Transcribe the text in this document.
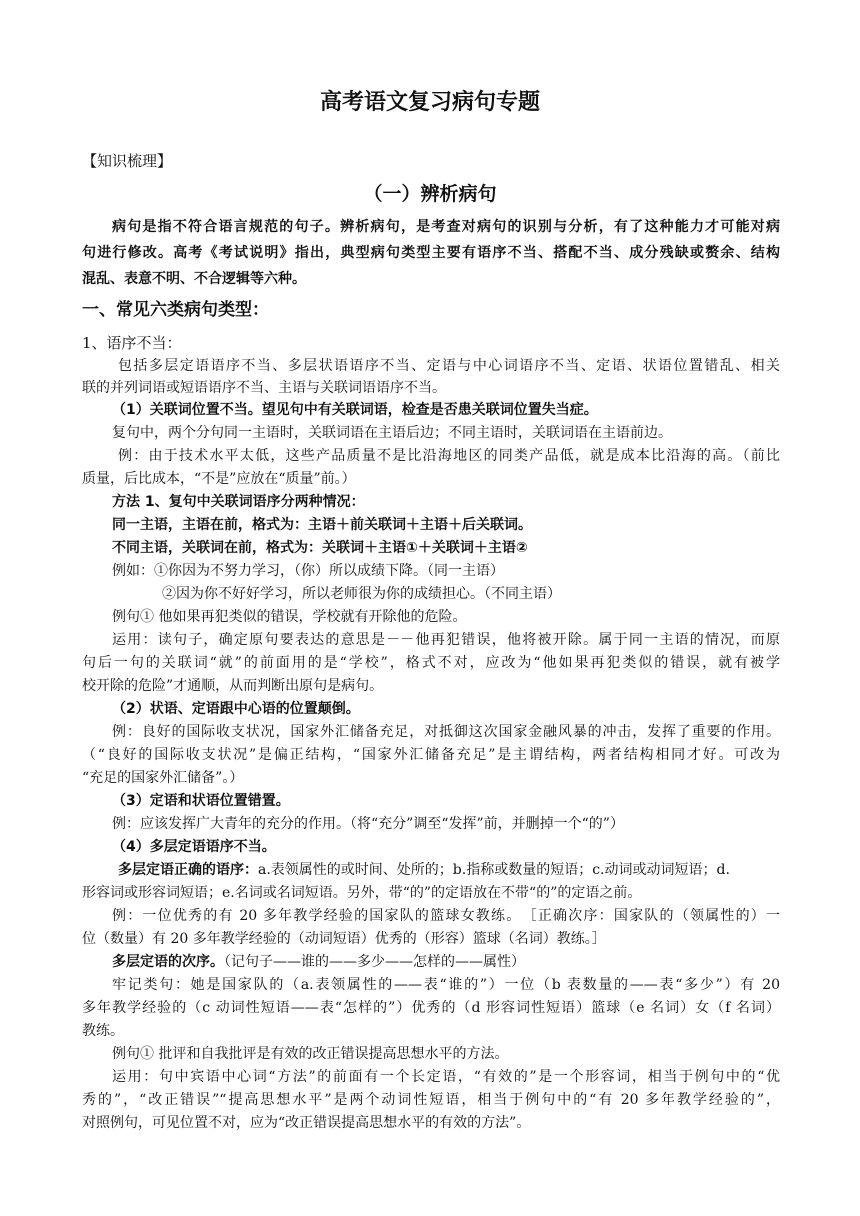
高考语文复习病句专题
【知识梳理】
（一）辨析病句
病句是指不符合语言规范的句子。辨析病句，是考查对病句的识别与分析，有了这种能力才可能对病
句进行修改。高考《考试说明》指出，典型病句类型主要有语序不当、搭配不当、成分残缺或赘余、结构
混乱、表意不明、不合逻辑等六种。
一、常见六类病句类型：
1、语序不当：
包括多层定语语序不当、多层状语语序不当、定语与中心词语序不当、定语、状语位置错乱、相关
联的并列词语或短语语序不当、主语与关联词语语序不当。
（1）关联词位置不当。望见句中有关联词语，检查是否患关联词位置失当症。
复句中，两个分句同一主语时，关联词语在主语后边；不同主语时，关联词语在主语前边。
例：由于技术水平太低，这些产品质量不是比沿海地区的同类产品低，就是成本比沿海的高。（前比
质量，后比成本，“不是”应放在“质量”前。）
方法 1、复句中关联词语序分两种情况：
同一主语，主语在前，格式为：主语＋前关联词＋主语＋后关联词。
不同主语，关联词在前，格式为：关联词＋主语①＋关联词＋主语②
例如：①你因为不努力学习，（你）所以成绩下降。（同一主语）
②因为你不好好学习，所以老师很为你的成绩担心。（不同主语）
例句① 他如果再犯类似的错误，学校就有开除他的危险。
运用：读句子，确定原句要表达的意思是－－他再犯错误，他将被开除。属于同一主语的情况，而原
句后一句的关联词“就”的前面用的是“学校”，格式不对，应改为“他如果再犯类似的错误，就有被学
校开除的危险”才通顺，从而判断出原句是病句。
（2）状语、定语跟中心语的位置颠倒。
例：良好的国际收支状况，国家外汇储备充足，对抵御这次国家金融风暴的冲击，发挥了重要的作用。
（“良好的国际收支状况”是偏正结构，“国家外汇储备充足”是主谓结构，两者结构相同才好。可改为
“充足的国家外汇储备”。）
（3）定语和状语位置错置。
例：应该发挥广大青年的充分的作用。（将“充分”调至“发挥”前，并删掉一个“的”）
（4）多层定语语序不当。
多层定语正确的语序：a.表领属性的或时间、处所的；b.指称或数量的短语；c.动词或动词短语；d.
形容词或形容词短语；e.名词或名词短语。另外，带“的”的定语放在不带“的”的定语之前。
例：一位优秀的有 20 多年教学经验的国家队的篮球女教练。　［正确次序：国家队的（领属性的）一
位（数量）有 20 多年教学经验的（动词短语）优秀的（形容）篮球（名词）教练。］
多层定语的次序。（记句子——谁的——多少——怎样的——属性）
牢记类句：她是国家队的（a.表领属性的——表“谁的”）一位（b 表数量的——表“多少”）有 20
多年教学经验的（c 动词性短语——表“怎样的”）优秀的（d 形容词性短语）篮球（e 名词）女（f 名词）
教练。
例句① 批评和自我批评是有效的改正错误提高思想水平的方法。
运用：句中宾语中心词“方法”的前面有一个长定语，“有效的”是一个形容词，相当于例句中的“优
秀的”，“改正错误”“提高思想水平”是两个动词性短语，相当于例句中的“有 20 多年教学经验的”，
对照例句，可见位置不对，应为“改正错误提高思想水平的有效的方法”。
